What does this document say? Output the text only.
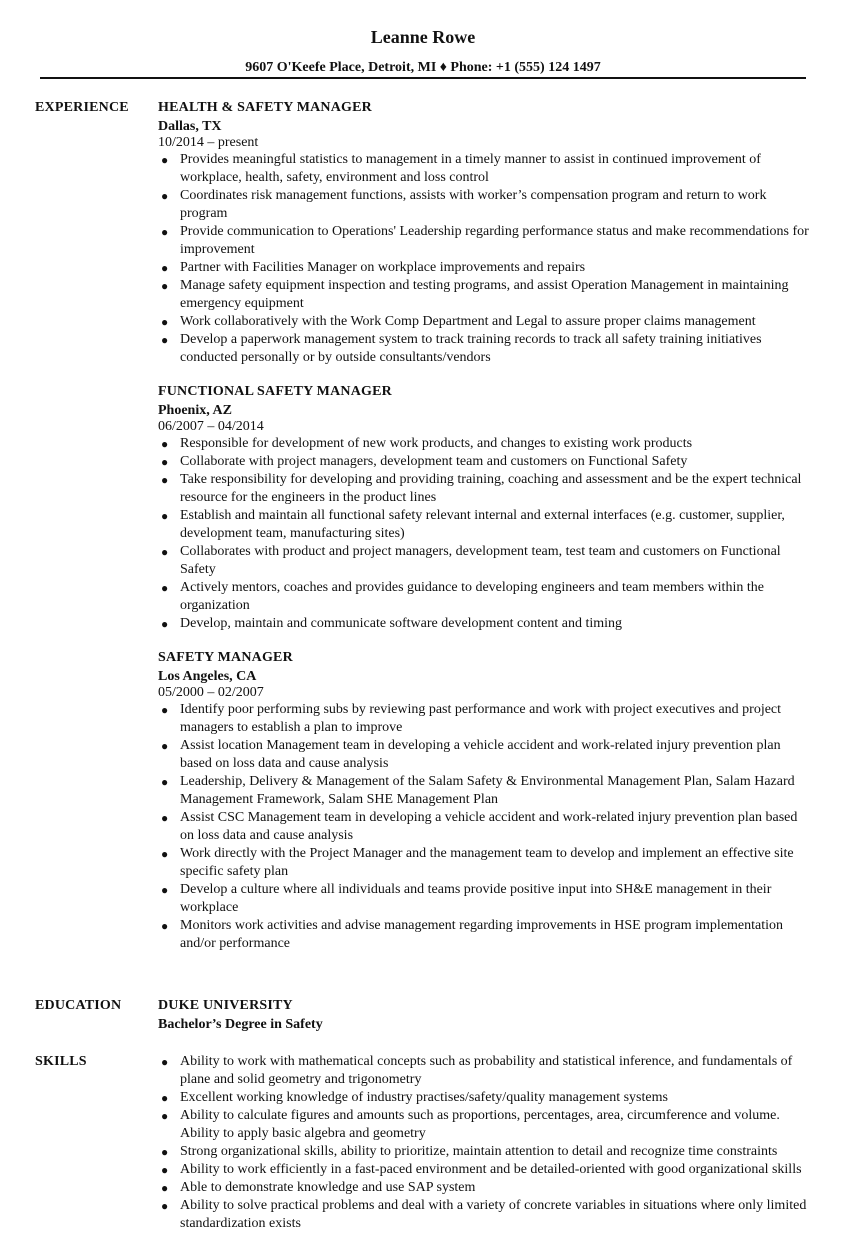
Leanne Rowe
9607 O'Keefe Place, Detroit, MI ♦ Phone: +1 (555) 124 1497
EXPERIENCE HEALTH & SAFETY MANAGER
Dallas, TX
10/2014 – present
● Provides meaningful statistics to management in a timely manner to assist in continued improvement of workplace, health, safety, environment and loss control
● Coordinates risk management functions, assists with worker’s compensation program and return to work program
● Provide communication to Operations' Leadership regarding performance status and make recommendations for improvement
● Partner with Facilities Manager on workplace improvements and repairs
● Manage safety equipment inspection and testing programs, and assist Operation Management in maintaining emergency equipment
● Work collaboratively with the Work Comp Department and Legal to assure proper claims management
● Develop a paperwork management system to track training records to track all safety training initiatives conducted personally or by outside consultants/vendors
FUNCTIONAL SAFETY MANAGER
Phoenix, AZ
06/2007 – 04/2014
● Responsible for development of new work products, and changes to existing work products
● Collaborate with project managers, development team and customers on Functional Safety
● Take responsibility for developing and providing training, coaching and assessment and be the expert technical resource for the engineers in the product lines
● Establish and maintain all functional safety relevant internal and external interfaces (e.g. customer, supplier, development team, manufacturing sites)
● Collaborates with product and project managers, development team, test team and customers on Functional Safety
● Actively mentors, coaches and provides guidance to developing engineers and team members within the organization
● Develop, maintain and communicate software development content and timing
SAFETY MANAGER
Los Angeles, CA
05/2000 – 02/2007
● Identify poor performing subs by reviewing past performance and work with project executives and project managers to establish a plan to improve
● Assist location Management team in developing a vehicle accident and work-related injury prevention plan based on loss data and cause analysis
● Leadership, Delivery & Management of the Salam Safety & Environmental Management Plan, Salam Hazard Management Framework, Salam SHE Management Plan
● Assist CSC Management team in developing a vehicle accident and work-related injury prevention plan based on loss data and cause analysis
● Work directly with the Project Manager and the management team to develop and implement an effective site specific safety plan
● Develop a culture where all individuals and teams provide positive input into SH&E management in their workplace
● Monitors work activities and advise management regarding improvements in HSE program implementation and/or performance
EDUCATION	DUKE UNIVERSITY
Bachelor’s Degree in Safety
SKILLS	● Ability to work with mathematical concepts such as probability and statistical inference, and fundamentals of plane and solid geometry and trigonometry
● Excellent working knowledge of industry practises/safety/quality management systems
● Ability to calculate figures and amounts such as proportions, percentages, area, circumference and volume. Ability to apply basic algebra and geometry
● Strong organizational skills, ability to prioritize, maintain attention to detail and recognize time constraints
● Ability to work efficiently in a fast-paced environment and be detailed-oriented with good organizational skills
● Able to demonstrate knowledge and use SAP system
● Ability to solve practical problems and deal with a variety of concrete variables in situations where only limited standardization exists
